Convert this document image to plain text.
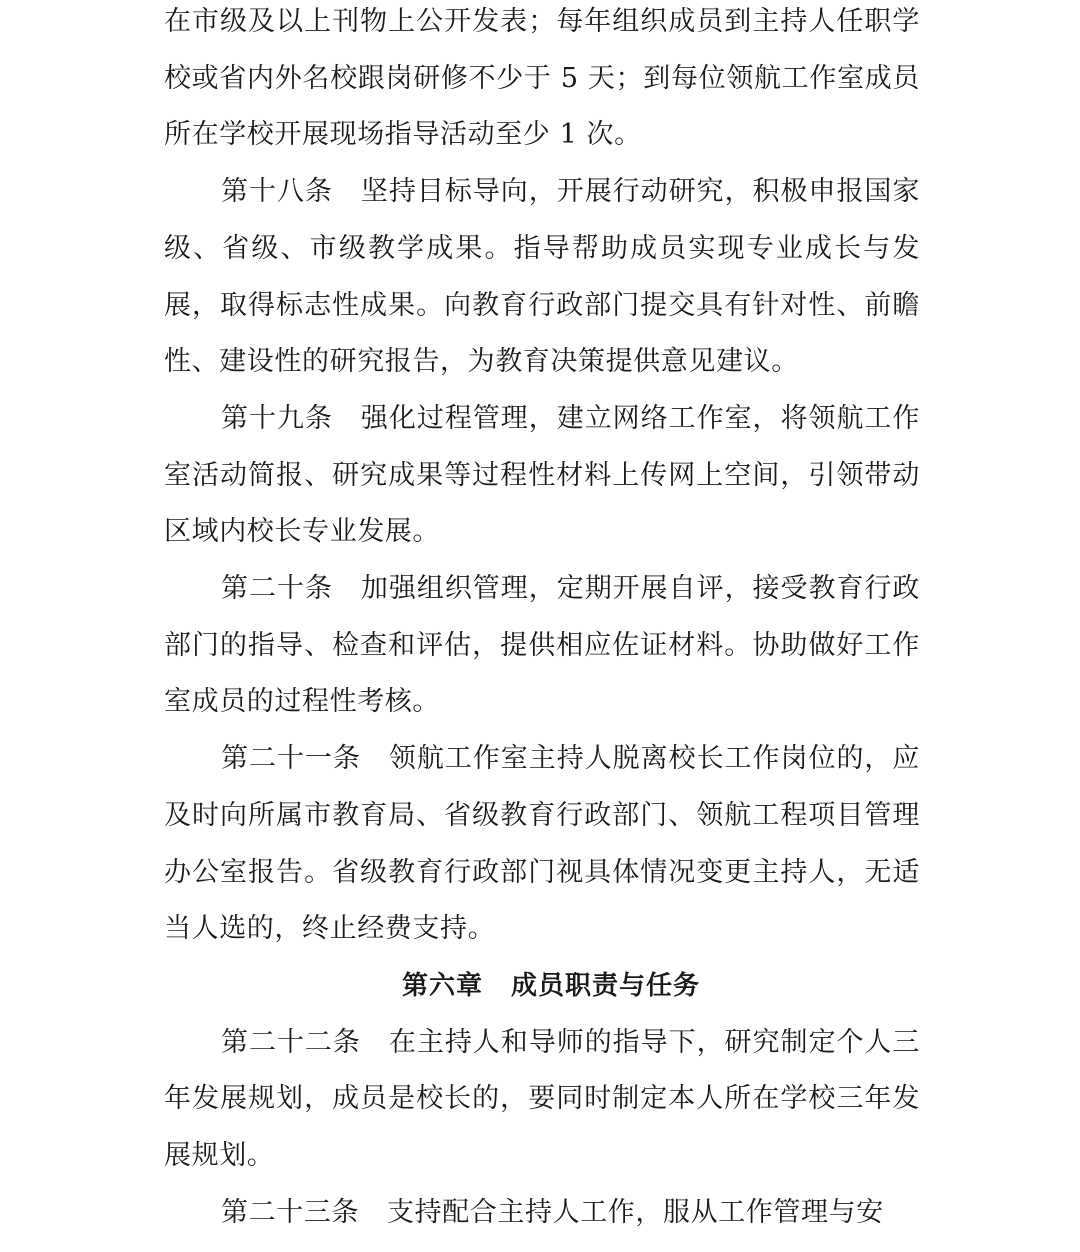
在市级及以上刊物上公开发表；每年组织成员到主持人任职学校或省内外名校跟岗研修不少于 5 天；到每位领航工作室成员所在学校开展现场指导活动至少 1 次。

第十八条 坚持目标导向，开展行动研究，积极申报国家级、省级、市级教学成果。指导帮助成员实现专业成长与发展，取得标志性成果。向教育行政部门提交具有针对性、前瞻性、建设性的研究报告，为教育决策提供意见建议。

第十九条 强化过程管理，建立网络工作室，将领航工作室活动简报、研究成果等过程性材料上传网上空间，引领带动区域内校长专业发展。

第二十条 加强组织管理，定期开展自评，接受教育行政部门的指导、检查和评估，提供相应佐证材料。协助做好工作室成员的过程性考核。

第二十一条 领航工作室主持人脱离校长工作岗位的，应及时向所属市教育局、省级教育行政部门、领航工程项目管理办公室报告。省级教育行政部门视具体情况变更主持人，无适当人选的，终止经费支持。

第六章 成员职责与任务

第二十二条 在主持人和导师的指导下，研究制定个人三年发展规划，成员是校长的，要同时制定本人所在学校三年发展规划。

第二十三条 支持配合主持人工作，服从工作管理与安
